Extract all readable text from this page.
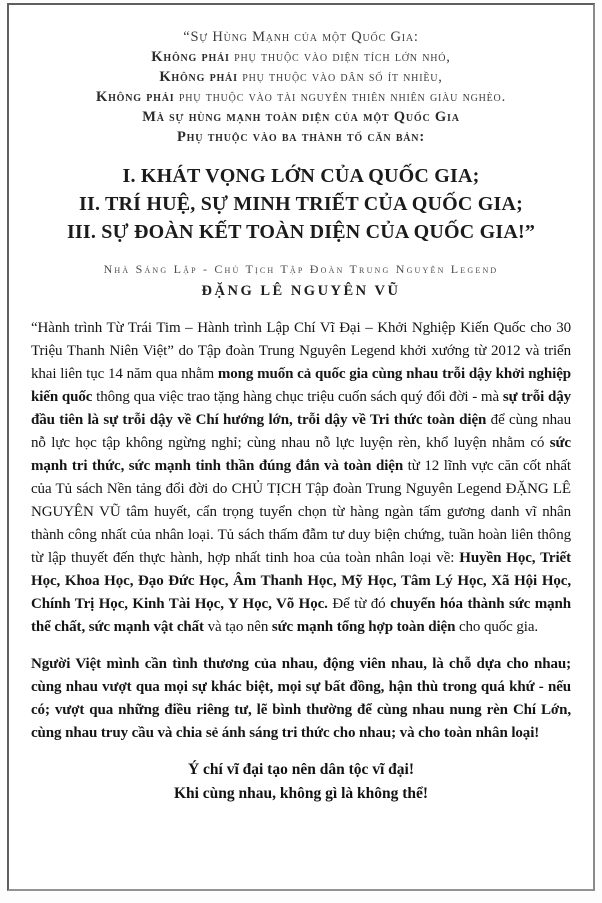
“Sự Hùng Mạnh của một Quốc Gia:
Không phải phụ thuộc vào diện tích lớn nhỏ,
Không phải phụ thuộc vào dân số ít nhiều,
Không phải phụ thuộc vào tài nguyên thiên nhiên giàu nghèo.
Mà sự hùng mạnh toàn diện của một Quốc Gia
Phụ thuộc vào ba thành tố căn bản:
I. KHÁT VỌNG LỚN CỦA QUỐC GIA;
II. TRÍ HUỆ, SỰ MINH TRIẾT CỦA QUỐC GIA;
III. SỰ ĐOÀN KẾT TOÀN DIỆN CỦA QUỐC GIA!”
Nhà Sáng Lập - Chủ Tịch Tập Đoàn Trung Nguyên Legend
ĐẶNG LÊ NGUYÊN VŨ

“Hành trình Từ Trái Tim – Hành trình Lập Chí Vĩ Đại – Khởi Nghiệp Kiến Quốc cho 30 Triệu Thanh Niên Việt” do Tập đoàn Trung Nguyên Legend khởi xướng từ 2012 và triển khai liên tục 14 năm qua nhằm mong muốn cả quốc gia cùng nhau trỗi dậy khởi nghiệp kiến quốc thông qua việc trao tặng hàng chục triệu cuốn sách quý đổi đời - mà sự trỗi dậy đầu tiên là sự trỗi dậy về Chí hướng lớn, trỗi dậy về Tri thức toàn diện để cùng nhau nỗ lực học tập không ngừng nghỉ; cùng nhau nỗ lực luyện rèn, khổ luyện nhằm có sức mạnh tri thức, sức mạnh tinh thần đúng đắn và toàn diện từ 12 lĩnh vực căn cốt nhất của Tủ sách Nền tảng đổi đời do CHỦ TỊCH Tập đoàn Trung Nguyên Legend ĐẶNG LÊ NGUYÊN VŨ tâm huyết, cẩn trọng tuyển chọn từ hàng ngàn tấm gương danh vĩ nhân thành công nhất của nhân loại. Tủ sách thấm đẫm tư duy biện chứng, tuần hoàn liên thông từ lập thuyết đến thực hành, hợp nhất tinh hoa của toàn nhân loại về: Huyền Học, Triết Học, Khoa Học, Đạo Đức Học, Âm Thanh Học, Mỹ Học, Tâm Lý Học, Xã Hội Học, Chính Trị Học, Kinh Tài Học, Y Học, Võ Học. Để từ đó chuyển hóa thành sức mạnh thể chất, sức mạnh vật chất và tạo nên sức mạnh tổng hợp toàn diện cho quốc gia.

Người Việt mình cần tình thương của nhau, động viên nhau, là chỗ dựa cho nhau; cùng nhau vượt qua mọi sự khác biệt, mọi sự bất đồng, hận thù trong quá khứ - nếu có; vượt qua những điều riêng tư, lẽ bình thường để cùng nhau nung rèn Chí Lớn, cùng nhau truy cầu và chia sẻ ánh sáng tri thức cho nhau; và cho toàn nhân loại!

Ý chí vĩ đại tạo nên dân tộc vĩ đại!
Khi cùng nhau, không gì là không thể!
